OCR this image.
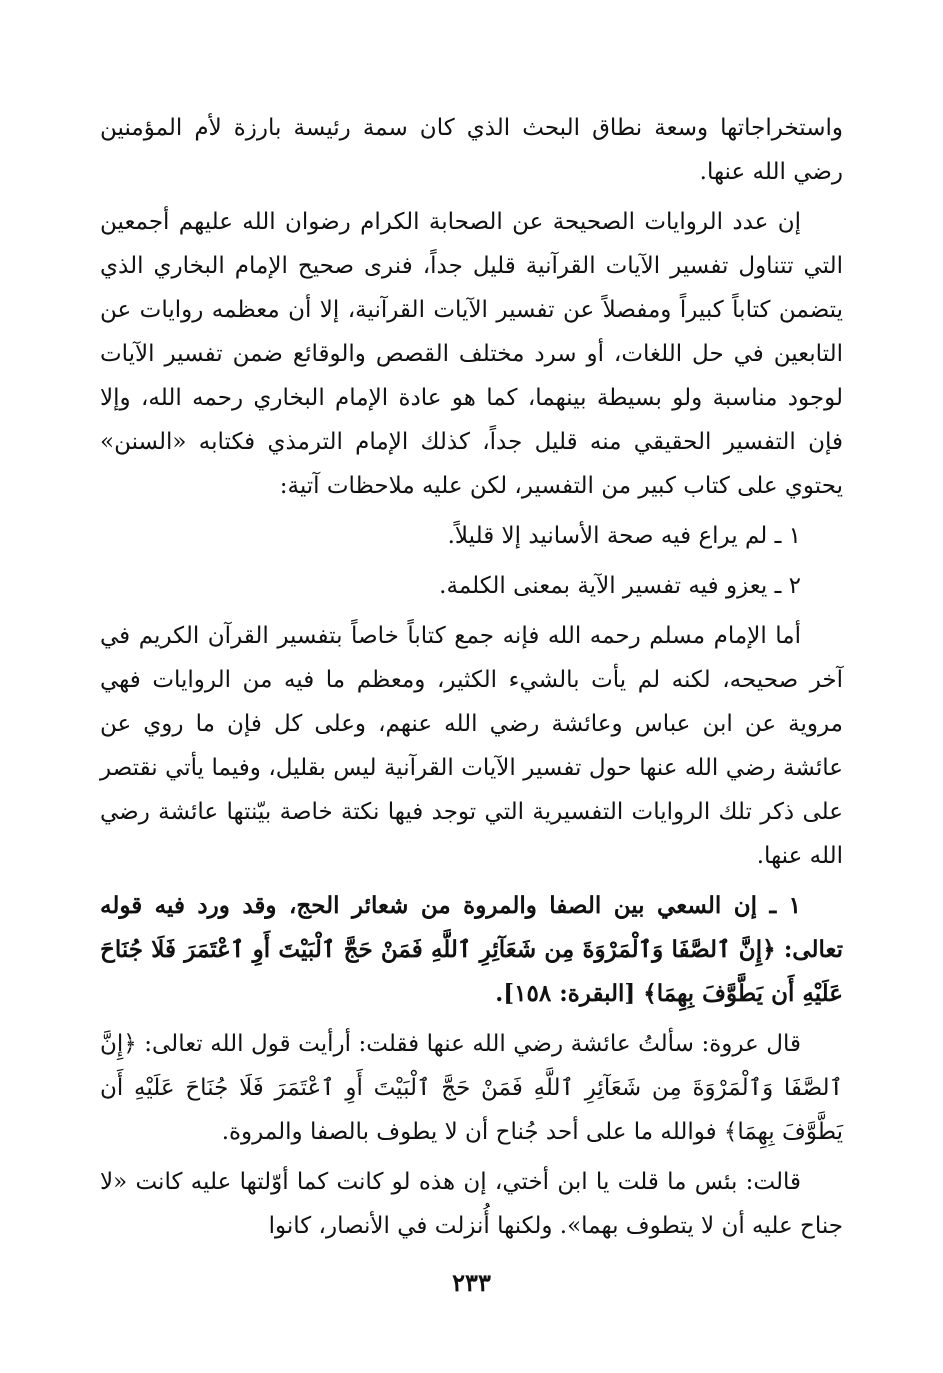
واستخراجاتها وسعة نطاق البحث الذي كان سمة رئيسة بارزة لأم المؤمنين رضي الله عنها.

إن عدد الروايات الصحيحة عن الصحابة الكرام رضوان الله عليهم أجمعين التي تتناول تفسير الآيات القرآنية قليل جداً، فنرى صحيح الإمام البخاري الذي يتضمن كتاباً كبيراً ومفصلاً عن تفسير الآيات القرآنية، إلا أن معظمه روايات عن التابعين في حل اللغات، أو سرد مختلف القصص والوقائع ضمن تفسير الآيات لوجود مناسبة ولو بسيطة بينهما، كما هو عادة الإمام البخاري رحمه الله، وإلا فإن التفسير الحقيقي منه قليل جداً، كذلك الإمام الترمذي فكتابه «السنن» يحتوي على كتاب كبير من التفسير، لكن عليه ملاحظات آتية:

١ ـ لم يراع فيه صحة الأسانيد إلا قليلاً.

٢ ـ يعزو فيه تفسير الآية بمعنى الكلمة.

أما الإمام مسلم رحمه الله فإنه جمع كتاباً خاصاً بتفسير القرآن الكريم في آخر صحيحه، لكنه لم يأت بالشيء الكثير، ومعظم ما فيه من الروايات فهي مروية عن ابن عباس وعائشة رضي الله عنهم، وعلى كل فإن ما روي عن عائشة رضي الله عنها حول تفسير الآيات القرآنية ليس بقليل، وفيما يأتي نقتصر على ذكر تلك الروايات التفسيرية التي توجد فيها نكتة خاصة بيّنتها عائشة رضي الله عنها.

١ ـ إن السعي بين الصفا والمروة من شعائر الحج، وقد ورد فيه قوله تعالى: ﴿إِنَّ ٱلصَّفَا وَٱلْمَرْوَةَ مِن شَعَآئِرِ ٱللَّهِ فَمَنْ حَجَّ ٱلْبَيْتَ أَوِ ٱعْتَمَرَ فَلَا جُنَاحَ عَلَيْهِ أَن يَطَّوَّفَ بِهِمَا﴾ [البقرة: ١٥٨].

قال عروة: سألتُ عائشة رضي الله عنها فقلت: أرأيت قول الله تعالى: ﴿إِنَّ ٱلصَّفَا وَٱلْمَرْوَةَ مِن شَعَآئِرِ ٱللَّهِ فَمَنْ حَجَّ ٱلْبَيْتَ أَوِ ٱعْتَمَرَ فَلَا جُنَاحَ عَلَيْهِ أَن يَطَّوَّفَ بِهِمَا﴾ فوالله ما على أحد جُناح أن لا يطوف بالصفا والمروة.

قالت: بئس ما قلت يا ابن أختي، إن هذه لو كانت كما أوّلتها عليه كانت «لا جناح عليه أن لا يتطوف بهما». ولكنها أُنزلت في الأنصار، كانوا

٢٣٣
